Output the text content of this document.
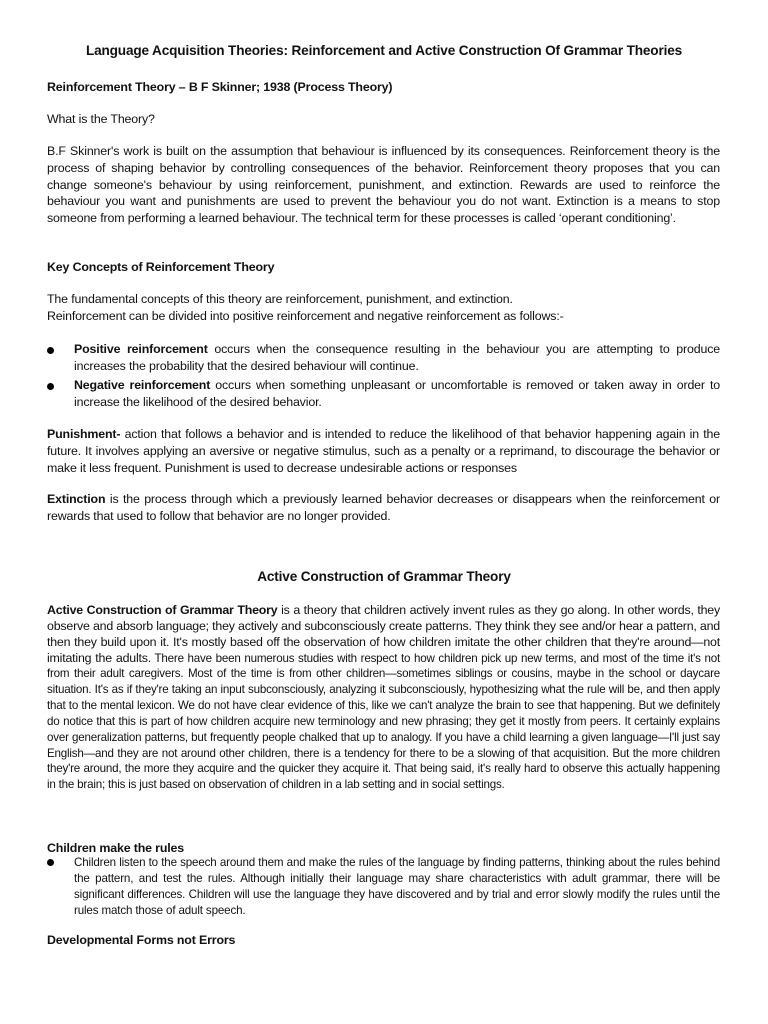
Language Acquisition Theories: Reinforcement and Active Construction Of Grammar Theories
Reinforcement Theory – B F Skinner; 1938 (Process Theory)
What is the Theory?
B.F Skinner's work is built on the assumption that behaviour is influenced by its consequences. Reinforcement theory is the process of shaping behavior by controlling consequences of the behavior. Reinforcement theory proposes that you can change someone's behaviour by using reinforcement, punishment, and extinction. Rewards are used to reinforce the behaviour you want and punishments are used to prevent the behaviour you do not want. Extinction is a means to stop someone from performing a learned behaviour. The technical term for these processes is called ‘operant conditioning’.
Key Concepts of Reinforcement Theory
The fundamental concepts of this theory are reinforcement, punishment, and extinction.
Reinforcement can be divided into positive reinforcement and negative reinforcement as follows:-
Positive reinforcement occurs when the consequence resulting in the behaviour you are attempting to produce increases the probability that the desired behaviour will continue.
Negative reinforcement occurs when something unpleasant or uncomfortable is removed or taken away in order to increase the likelihood of the desired behavior.
Punishment- action that follows a behavior and is intended to reduce the likelihood of that behavior happening again in the future. It involves applying an aversive or negative stimulus, such as a penalty or a reprimand, to discourage the behavior or make it less frequent. Punishment is used to decrease undesirable actions or responses
Extinction is the process through which a previously learned behavior decreases or disappears when the reinforcement or rewards that used to follow that behavior are no longer provided.
Active Construction of Grammar Theory
Active Construction of Grammar Theory is a theory that children actively invent rules as they go along. In other words, they observe and absorb language; they actively and subconsciously create patterns. They think they see and/or hear a pattern, and then they build upon it. It's mostly based off the observation of how children imitate the other children that they're around—not imitating the adults. There have been numerous studies with respect to how children pick up new terms, and most of the time it's not from their adult caregivers. Most of the time is from other children—sometimes siblings or cousins, maybe in the school or daycare situation. It's as if they're taking an input subconsciously, analyzing it subconsciously, hypothesizing what the rule will be, and then apply that to the mental lexicon. We do not have clear evidence of this, like we can't analyze the brain to see that happening. But we definitely do notice that this is part of how children acquire new terminology and new phrasing; they get it mostly from peers. It certainly explains over generalization patterns, but frequently people chalked that up to analogy. If you have a child learning a given language—I'll just say English—and they are not around other children, there is a tendency for there to be a slowing of that acquisition. But the more children they're around, the more they acquire and the quicker they acquire it. That being said, it's really hard to observe this actually happening in the brain; this is just based on observation of children in a lab setting and in social settings.
Children make the rules
Children listen to the speech around them and make the rules of the language by finding patterns, thinking about the rules behind the pattern, and test the rules. Although initially their language may share characteristics with adult grammar, there will be significant differences. Children will use the language they have discovered and by trial and error slowly modify the rules until the rules match those of adult speech.
Developmental Forms not Errors
